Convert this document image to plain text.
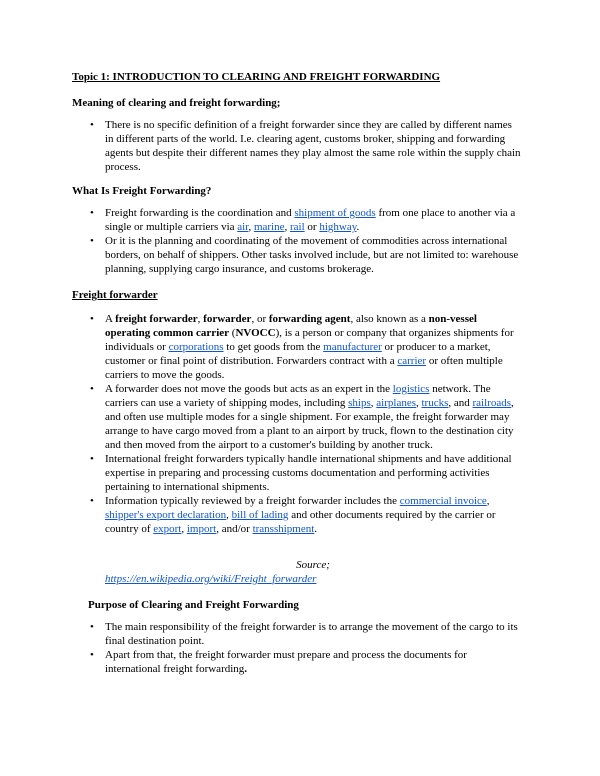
Topic 1: INTRODUCTION TO CLEARING AND FREIGHT FORWARDING
Meaning of clearing and freight forwarding;
• There is no specific definition of a freight forwarder since they are called by different names in different parts of the world. I.e. clearing agent, customs broker, shipping and forwarding agents but despite their different names they play almost the same role within the supply chain process.
What Is Freight Forwarding?
• Freight forwarding is the coordination and shipment of goods from one place to another via a single or multiple carriers via air, marine, rail or highway.
• Or it is the planning and coordinating of the movement of commodities across international borders, on behalf of shippers. Other tasks involved include, but are not limited to: warehouse planning, supplying cargo insurance, and customs brokerage.
Freight forwarder
• A freight forwarder, forwarder, or forwarding agent, also known as a non-vessel operating common carrier (NVOCC), is a person or company that organizes shipments for individuals or corporations to get goods from the manufacturer or producer to a market, customer or final point of distribution. Forwarders contract with a carrier or often multiple carriers to move the goods.
• A forwarder does not move the goods but acts as an expert in the logistics network. The carriers can use a variety of shipping modes, including ships, airplanes, trucks, and railroads, and often use multiple modes for a single shipment. For example, the freight forwarder may arrange to have cargo moved from a plant to an airport by truck, flown to the destination city and then moved from the airport to a customer's building by another truck.
• International freight forwarders typically handle international shipments and have additional expertise in preparing and processing customs documentation and performing activities pertaining to international shipments.
• Information typically reviewed by a freight forwarder includes the commercial invoice, shipper's export declaration, bill of lading and other documents required by the carrier or country of export, import, and/or transshipment.
Source;
https://en.wikipedia.org/wiki/Freight_forwarder
Purpose of Clearing and Freight Forwarding
• The main responsibility of the freight forwarder is to arrange the movement of the cargo to its final destination point.
• Apart from that, the freight forwarder must prepare and process the documents for international freight forwarding.
